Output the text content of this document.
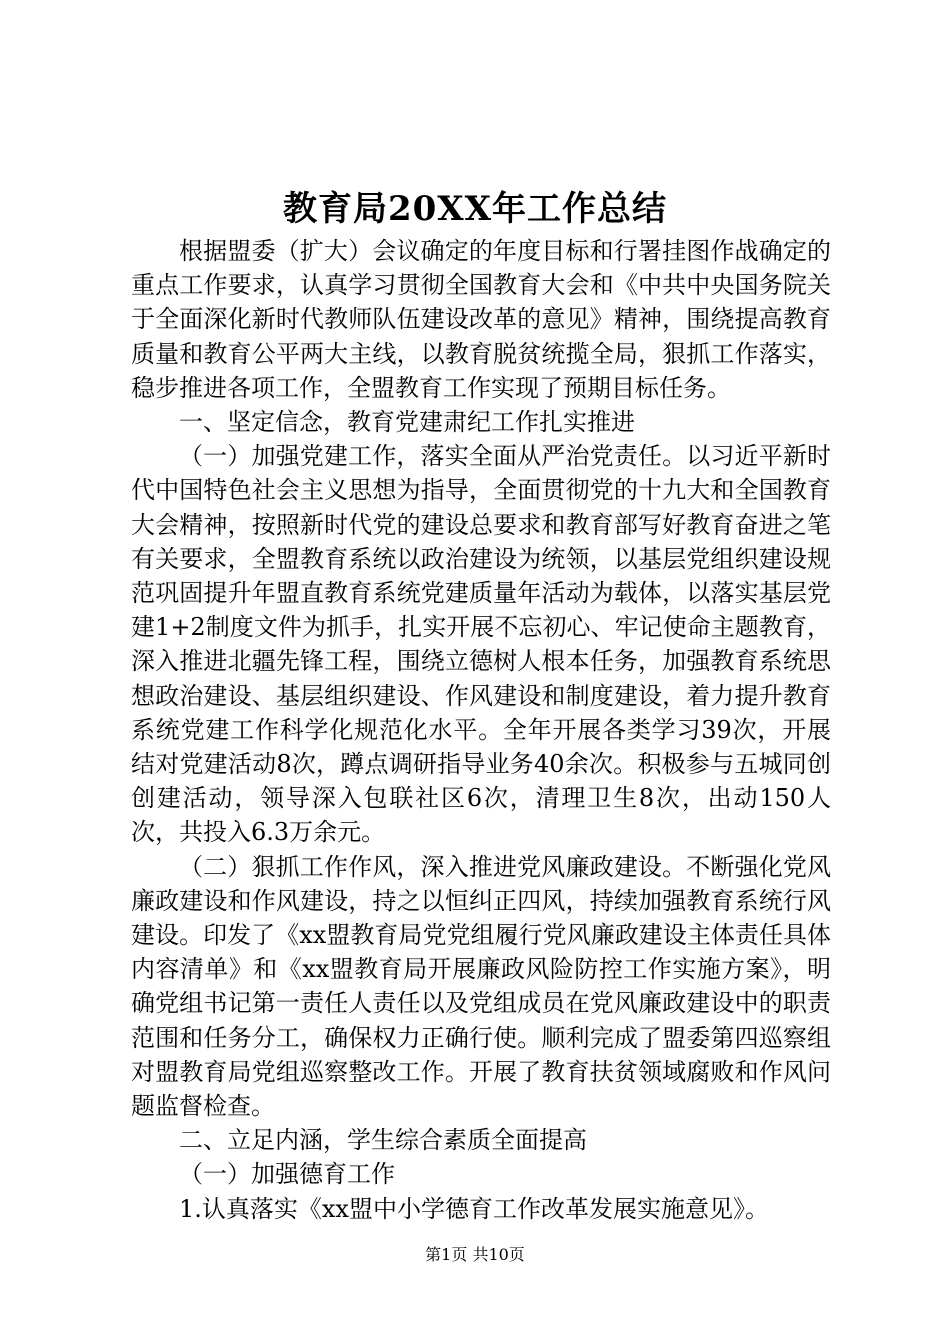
教育局20XX年工作总结

根据盟委（扩大）会议确定的年度目标和行署挂图作战确定的重点工作要求，认真学习贯彻全国教育大会和《中共中央国务院关于全面深化新时代教师队伍建设改革的意见》精神，围绕提高教育质量和教育公平两大主线，以教育脱贫统揽全局，狠抓工作落实，稳步推进各项工作，全盟教育工作实现了预期目标任务。

一、坚定信念，教育党建肃纪工作扎实推进

（一）加强党建工作，落实全面从严治党责任。以习近平新时代中国特色社会主义思想为指导，全面贯彻党的十九大和全国教育大会精神，按照新时代党的建设总要求和教育部写好教育奋进之笔有关要求，全盟教育系统以政治建设为统领，以基层党组织建设规范巩固提升年盟直教育系统党建质量年活动为载体，以落实基层党建1+2制度文件为抓手，扎实开展不忘初心、牢记使命主题教育，深入推进北疆先锋工程，围绕立德树人根本任务，加强教育系统思想政治建设、基层组织建设、作风建设和制度建设，着力提升教育系统党建工作科学化规范化水平。全年开展各类学习39次，开展结对党建活动8次，蹲点调研指导业务40余次。积极参与五城同创创建活动，领导深入包联社区6次，清理卫生8次，出动150人次，共投入6.3万余元。

（二）狠抓工作作风，深入推进党风廉政建设。不断强化党风廉政建设和作风建设，持之以恒纠正四风，持续加强教育系统行风建设。印发了《xx盟教育局党党组履行党风廉政建设主体责任具体内容清单》和《xx盟教育局开展廉政风险防控工作实施方案》，明确党组书记第一责任人责任以及党组成员在党风廉政建设中的职责范围和任务分工，确保权力正确行使。顺利完成了盟委第四巡察组对盟教育局党组巡察整改工作。开展了教育扶贫领域腐败和作风问题监督检查。

二、立足内涵，学生综合素质全面提高

（一）加强德育工作

1.认真落实《xx盟中小学德育工作改革发展实施意见》。

第1页 共10页
